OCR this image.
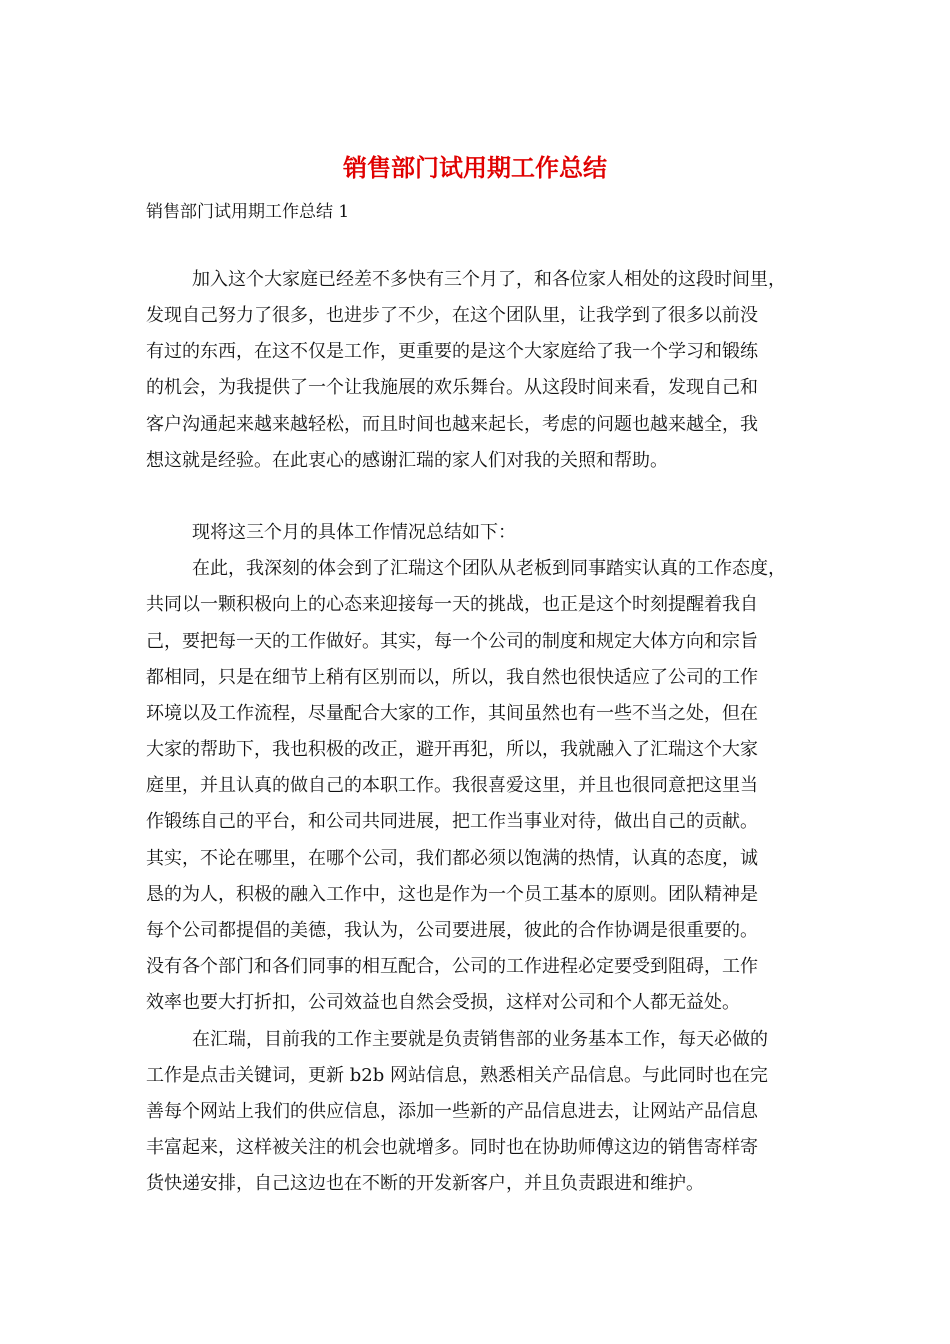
销售部门试用期工作总结

销售部门试用期工作总结 1

加入这个大家庭已经差不多快有三个月了，和各位家人相处的这段时间里，

发现自己努力了很多，也进步了不少，在这个团队里，让我学到了很多以前没

有过的东西，在这不仅是工作，更重要的是这个大家庭给了我一个学习和锻练

的机会，为我提供了一个让我施展的欢乐舞台。从这段时间来看，发现自己和

客户沟通起来越来越轻松，而且时间也越来起长，考虑的问题也越来越全，我

想这就是经验。在此衷心的感谢汇瑞的家人们对我的关照和帮助。

现将这三个月的具体工作情况总结如下：

在此，我深刻的体会到了汇瑞这个团队从老板到同事踏实认真的工作态度，

共同以一颗积极向上的心态来迎接每一天的挑战，也正是这个时刻提醒着我自

己，要把每一天的工作做好。其实，每一个公司的制度和规定大体方向和宗旨

都相同，只是在细节上稍有区别而以，所以，我自然也很快适应了公司的工作

环境以及工作流程，尽量配合大家的工作，其间虽然也有一些不当之处，但在

大家的帮助下，我也积极的改正，避开再犯，所以，我就融入了汇瑞这个大家

庭里，并且认真的做自己的本职工作。我很喜爱这里，并且也很同意把这里当

作锻练自己的平台，和公司共同进展，把工作当事业对待，做出自己的贡献。

其实，不论在哪里，在哪个公司，我们都必须以饱满的热情，认真的态度，诚

恳的为人，积极的融入工作中，这也是作为一个员工基本的原则。团队精神是

每个公司都提倡的美德，我认为，公司要进展，彼此的合作协调是很重要的。

没有各个部门和各们同事的相互配合，公司的工作进程必定要受到阻碍，工作

效率也要大打折扣，公司效益也自然会受损，这样对公司和个人都无益处。

在汇瑞，目前我的工作主要就是负责销售部的业务基本工作，每天必做的

工作是点击关键词，更新 b2b 网站信息，熟悉相关产品信息。与此同时也在完

善每个网站上我们的供应信息，添加一些新的产品信息进去，让网站产品信息

丰富起来，这样被关注的机会也就增多。同时也在协助师傅这边的销售寄样寄

货快递安排，自己这边也在不断的开发新客户，并且负责跟进和维护。
